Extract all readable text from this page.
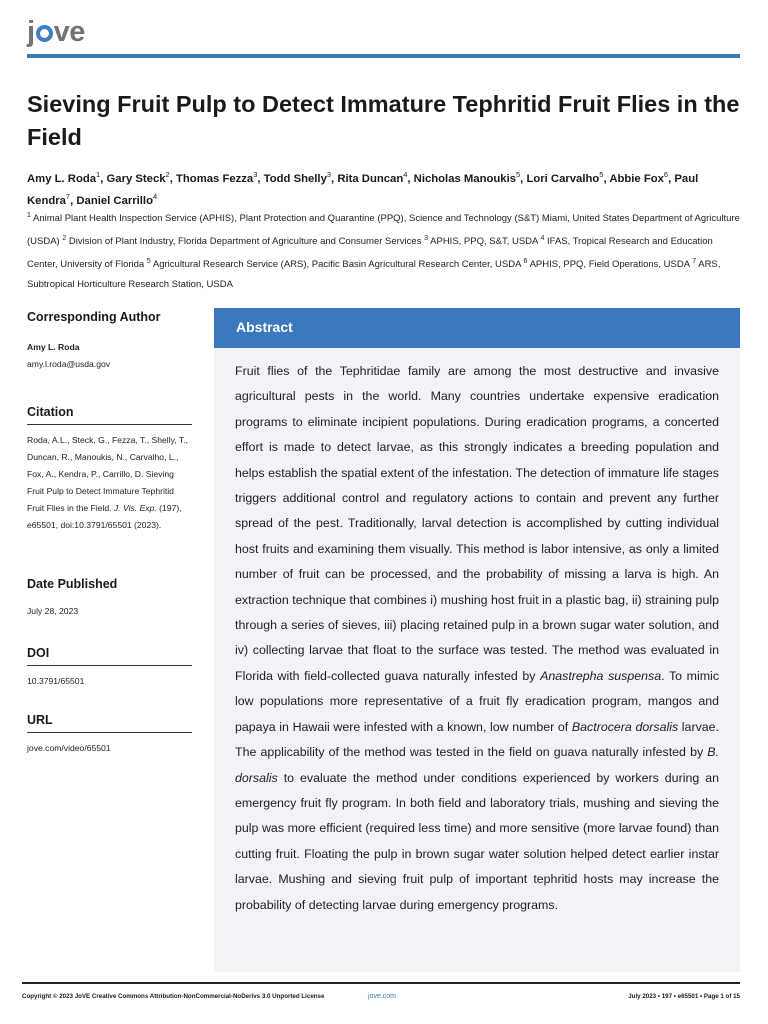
j ve
Sieving Fruit Pulp to Detect Immature Tephritid Fruit Flies in the Field
Amy L. Roda$^1$, Gary Steck$^2$, Thomas Fezza$^3$, Todd Shelly$^3$, Rita Duncan$^4$, Nicholas Manoukis$^5$, Lori Carvalho$^5$, Abbie Fox$^6$, Paul Kendra$^7$, Daniel Carrillo$^4$
$^1$ Animal Plant Health Inspection Service (APHIS), Plant Protection and Quarantine (PPQ), Science and Technology (S&T) Miami, United States Department of Agriculture (USDA) $^2$ Division of Plant Industry, Florida Department of Agriculture and Consumer Services $^3$ APHIS, PPQ, S&T, USDA $^4$ IFAS, Tropical Research and Education Center, University of Florida $^5$ Agricultural Research Service (ARS), Pacific Basin Agricultural Research Center, USDA $^6$ APHIS, PPQ, Field Operations, USDA $^7$ ARS, Subtropical Horticulture Research Station, USDA
Corresponding Author
Amy L. Roda
amy.l.roda@usda.gov
Citation
Roda, A.L., Steck, G., Fezza, T., Shelly, T., Duncan, R., Manoukis, N., Carvalho, L., Fox, A., Kendra, P., Carrillo, D. Sieving Fruit Pulp to Detect Immature Tephritid Fruit Flies in the Field. J. Vis. Exp. (197), e65501, doi:10.3791/65501 (2023).
Date Published
July 28, 2023
DOI
10.3791/65501
URL
jove.com/video/65501
Abstract

Fruit flies of the Tephritidae family are among the most destructive and invasive agricultural pests in the world. Many countries undertake expensive eradication programs to eliminate incipient populations. During eradication programs, a concerted effort is made to detect larvae, as this strongly indicates a breeding population and helps establish the spatial extent of the infestation. The detection of immature life stages triggers additional control and regulatory actions to contain and prevent any further spread of the pest. Traditionally, larval detection is accomplished by cutting individual host fruits and examining them visually. This method is labor intensive, as only a limited number of fruit can be processed, and the probability of missing a larva is high. An extraction technique that combines i) mushing host fruit in a plastic bag, ii) straining pulp through a series of sieves, iii) placing retained pulp in a brown sugar water solution, and iv) collecting larvae that float to the surface was tested. The method was evaluated in Florida with field-collected guava naturally infested by Anastrepha suspensa. To mimic low populations more representative of a fruit fly eradication program, mangos and papaya in Hawaii were infested with a known, low number of Bactrocera dorsalis larvae. The applicability of the method was tested in the field on guava naturally infested by B. dorsalis to evaluate the method under conditions experienced by workers during an emergency fruit fly program. In both field and laboratory trials, mushing and sieving the pulp was more efficient (required less time) and more sensitive (more larvae found) than cutting fruit. Floating the pulp in brown sugar water solution helped detect earlier instar larvae. Mushing and sieving fruit pulp of important tephritid hosts may increase the probability of detecting larvae during emergency programs.

Copyright © 2023 JoVE Creative Commons Attribution-NonCommercial-NoDerivs 3.0 Unported License	jove.com	July 2023 • 197 • e65501 • Page 1 of 15
